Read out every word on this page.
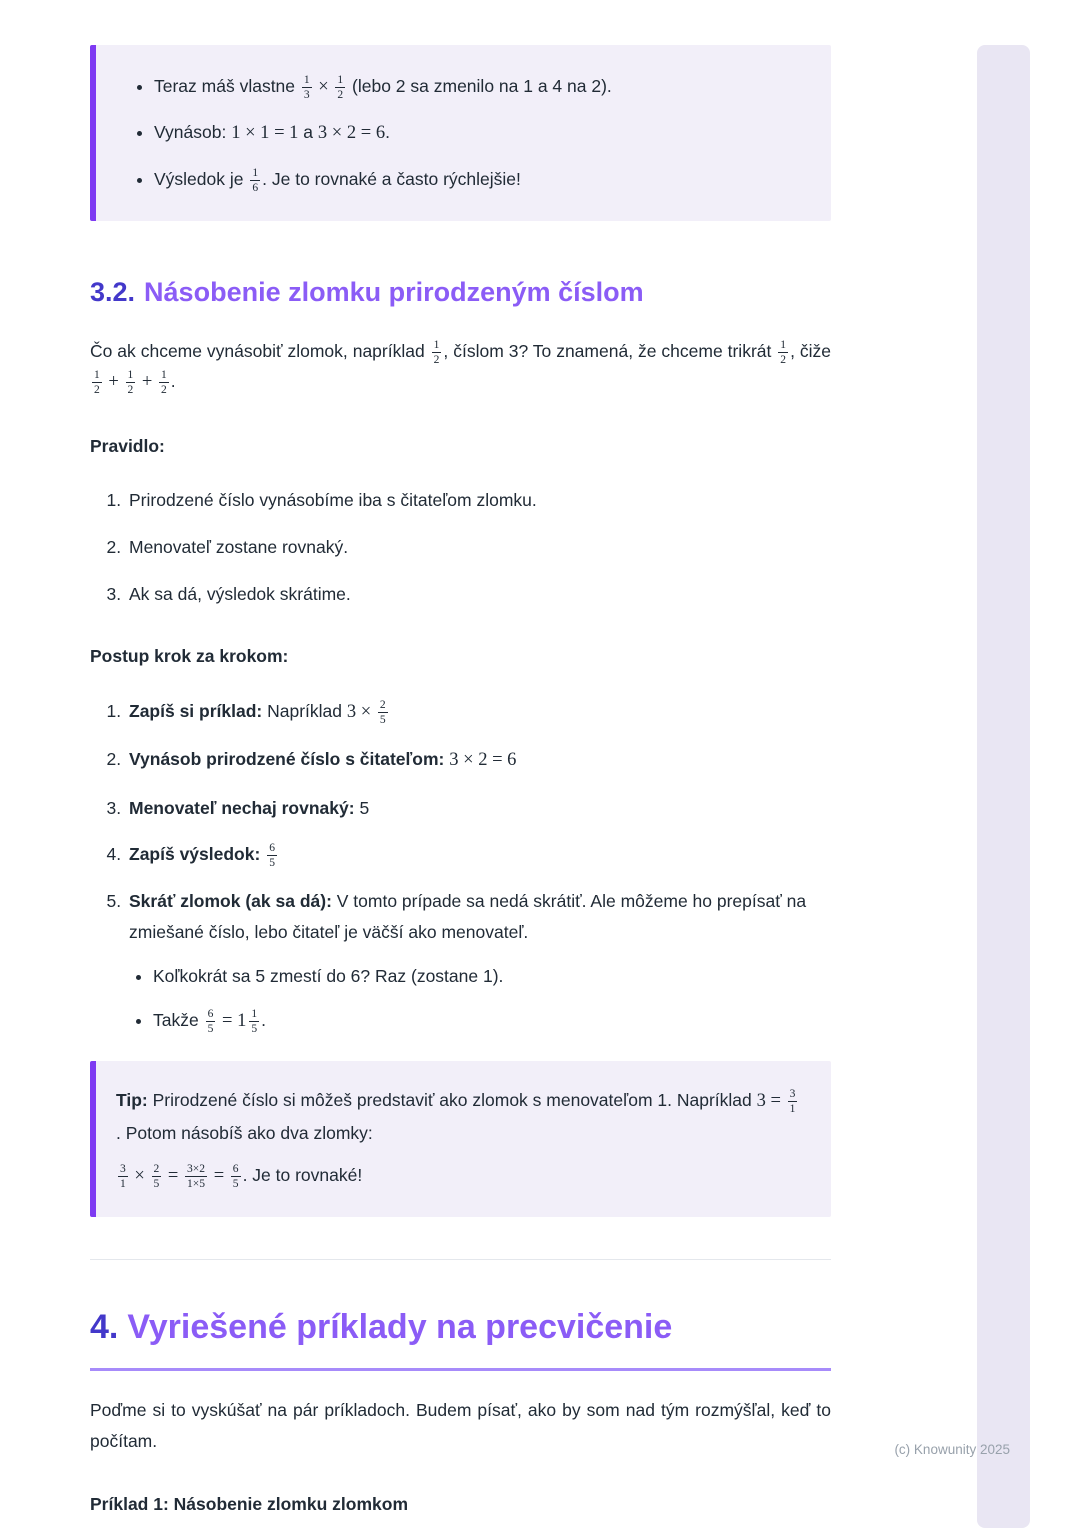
• Teraz máš vlastne $\frac{1}{3} \times \frac{1}{2}$ (lebo 2 sa zmenilo na 1 a 4 na 2).
• Vynásob: 1 × 1 = 1 a 3 × 2 = 6.
• Výsledok je $\frac{1}{6}$ . Je to rovnaké a často rýchlejšie!
3.2. Násobenie zlomku prirodzeným číslom

Čo ak chceme vynásobiť zlomok, napríklad $\frac{1}{2}$ , číslom 3? To znamená, že chceme trikrát $\frac{1}{2}$ , čiže
$\frac{1}{2} + \frac{1}{2} + \frac{1}{2}$ .

Pravidlo:

1. Prirodzené číslo vynásobíme iba s čitateľom zlomku.
2. Menovateľ zostane rovnaký.
3. Ak sa dá, výsledok skrátime.

Postup krok za krokom:

1. Zapíš si príklad: Napríklad $3 \times \frac{2}{5}$
2. Vynásob prirodzené číslo s čitateľom: 3 × 2 = 6
3. Menovateľ nechaj rovnaký: 5
4. Zapíš výsledok: $\frac{6}{5}$
5. Skráť zlomok (ak sa dá): V tomto prípade sa nedá skrátiť. Ale môžeme ho prepísať na zmiešané číslo, lebo čitateľ je väčší ako menovateľ.
• Koľkokrát sa 5 zmestí do 6? Raz (zostane 1).
• Takže $\frac{6}{5} = 1 \frac{1}{5}$ .

Tip: Prirodzené číslo si môžeš predstaviť ako zlomok s menovateľom 1. Napríklad $3 = \frac{3}{1}$
. Potom násobíš ako dva zlomky:

$\frac{3}{1} \times \frac{2}{5} = \frac{3\times 2}{1\times 5} = \frac{6}{5}$ . Je to rovnaké!

4. Vyriešené príklady na precvičenie

Poďme si to vyskúšať na pár príkladoch. Budem písať, ako by som nad tým rozmýšľal, keď to počítam.

Príklad 1: Násobenie zlomku zlomkom

(c) Knowunity 2025
